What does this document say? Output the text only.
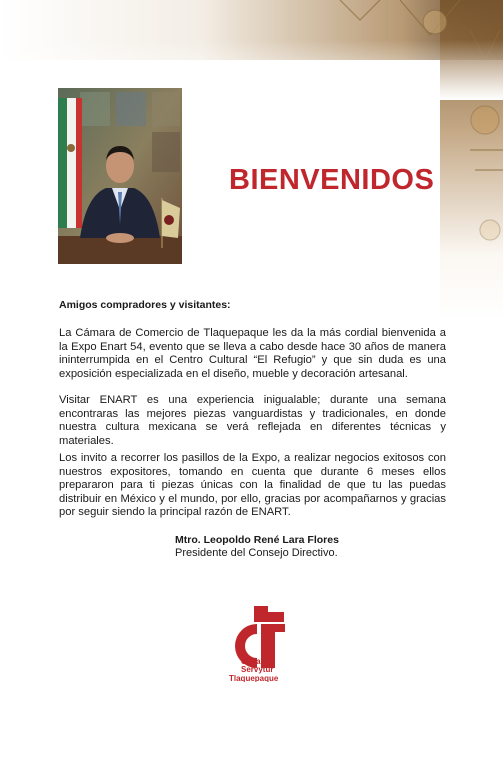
BIENVENIDOS
Amigos compradores y visitantes:
La Cámara de Comercio de Tlaquepaque les da la más cordial bienvenida a la Expo Enart 54, evento que se lleva a cabo desde hace 30 años de manera ininterrumpida en el Centro Cultural “El Refugio” y que sin duda es una exposición especializada en el diseño, mueble y decoración artesanal.
Visitar ENART es una experiencia inigualable; durante una semana encontraras las mejores piezas vanguardistas y tradicionales, en donde nuestra cultura mexicana se verá reflejada en diferentes técnicas y materiales.
Los invito a recorrer los pasillos de la Expo, a realizar negocios exitosos con nuestros expositores, tomando en cuenta que durante 6 meses ellos prepararon para ti piezas únicas con la finalidad de que tu las puedas distribuir en México y el mundo, por ello, gracias por acompañarnos y gracias por seguir siendo la principal razón de ENART.
Mtro. Leopoldo René Lara Flores
Presidente del Consejo Directivo.
Canaco
Servytur
Tlaquepaque
